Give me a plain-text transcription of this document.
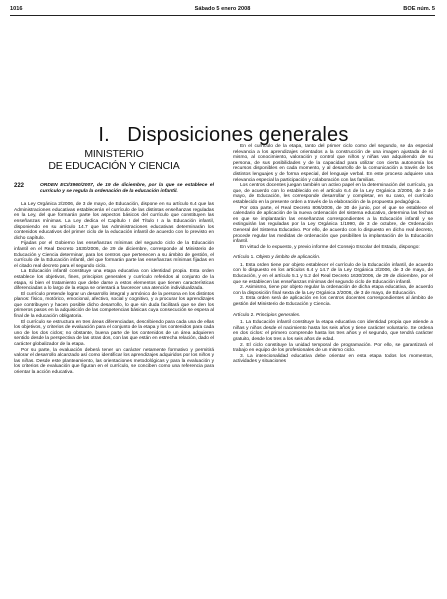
1016	Sábado 5 enero 2008	BOE núm. 5
I.   Disposiciones generales
MINISTERIO
DE EDUCACIÓN Y CIENCIA
222	ORDEN ECI/3960/2007, de 19 de diciembre, por la que se establece el currículo y se regula la ordenación de la educación infantil.

La Ley Orgánica 2/2006, de 3 de mayo, de Educación, dispone en su artículo 6.4 que las Administraciones educativas establecerán el currículo de las distintas enseñanzas reguladas en la Ley, del que formarán parte los aspectos básicos del currículo que constituyen las enseñanzas mínimas. La Ley dedica el Capítulo I del Título I a la Educación infantil, disponiendo en su artículo 14.7 que las Administraciones educativas determinarán los contenidos educativos del primer ciclo de la educación infantil de acuerdo con lo previsto en dicho capítulo.

Fijadas por el Gobierno las enseñanzas mínimas del segundo ciclo de la Educación infantil en el Real Decreto 1630/2006, de 29 de diciembre, corresponde al Ministerio de Educación y Ciencia determinar, para los centros que pertenecen a su ámbito de gestión, el currículo de la Educación infantil, del que formarán parte las enseñanzas mínimas fijadas en el citado real decreto para el segundo ciclo.

La Educación infantil constituye una etapa educativa con identidad propia. Esta orden establece los objetivos, fines, principios generales y currículo referidos al conjunto de la etapa, si bien el tratamiento que debe darse a estos elementos que tienen características diferenciadas a lo largo de la etapa se orientará a favorecer una atención individualizada.

El currículo pretende lograr un desarrollo integral y armónico de la persona en los distintos planos: físico, motórico, emocional, afectivo, social y cognitivo, y a procurar los aprendizajes que contribuyen y hacen posible dicho desarrollo, lo que sin duda facilitará que se den los primeros pasos en la adquisición de las competencias básicas cuya consecución se espera al final de la educación obligatoria.

El currículo se estructura en tres áreas diferenciadas, describiendo para cada una de ellas los objetivos, y criterios de evaluación para el conjunto de la etapa y los contenidos para cada uno de los dos ciclos; no obstante, buena parte de los contenidos de un área adquieren sentido desde la perspectiva de las otras dos, con las que están en estrecha relación, dado el carácter globalizador de la etapa.

Por su parte, la evaluación deberá tener un carácter netamente formativo y permitirá valorar el desarrollo alcanzado así como identificar los aprendizajes adquiridos por los niños y las niñas. Desde este planteamiento, las orientaciones metodológicas y para la evaluación y los criterios de evaluación que figuran en el currículo, se conciben como una referencia para orientar la acción educativa.

En el currículo de la etapa, tanto del primer ciclo como del segundo, se da especial relevancia a los aprendizajes orientados a la construcción de una imagen ajustada de sí mismo, al conocimiento, valoración y control que niños y niñas van adquiriendo de su persona, de sus posibilidades y de la capacidad para utilizar con cierta autonomía los recursos disponibles en cada momento, y al desarrollo de la comunicación a través de los distintos lenguajes y de forma especial, del lenguaje verbal. En este proceso adquiere una relevancia especial la participación y colaboración con las familias.

Los centros docentes juegan también un activo papel en la determinación del currículo, ya que, de acuerdo con lo establecido en el artículo 6.4 de la Ley Orgánica 2/2006, de 3 de mayo, de Educación, les corresponde desarrollar y completar, en su caso, el currículo establecido en la presente orden a través de la elaboración de la propuesta pedagógica.

Por otra parte, el Real Decreto 806/2006, de 30 de junio, por el que se establece el calendario de aplicación de la nueva ordenación del sistema educativo, determina las fechas en que se implantarán las enseñanzas correspondientes a la Educación infantil y se extinguirán las reguladas por la Ley Orgánica 1/1990, de 3 de octubre, de Ordenación General del Sistema Educativo. Por ello, de acuerdo con lo dispuesto en dicho real decreto, procede regular las medidas de ordenación que posibiliten la implantación de la Educación infantil.

En virtud de lo expuesto, y previo informe del Consejo Escolar del Estado, dispongo:

Artículo 1. Objeto y ámbito de aplicación.

1. Esta orden tiene por objeto establecer el currículo de la Educación infantil, de acuerdo con lo dispuesto en los artículos 6.4 y 14.7 de la Ley Orgánica 2/2006, de 3 de mayo, de Educación, y en el artículo 5.1 y 5.2 del Real Decreto 1630/2006, de 29 de diciembre, por el que se establecen las enseñanzas mínimas del segundo ciclo de Educación infantil.

2. Asimismo, tiene por objeto regular la ordenación de dicha etapa educativa, de acuerdo con la disposición final sexta de la Ley Orgánica 2/2006, de 3 de mayo, de Educación.

3. Esta orden será de aplicación en los centros docentes correspondientes al ámbito de gestión del Ministerio de Educación y Ciencia.

Artículo 2. Principios generales.

1. La Educación infantil constituye la etapa educativa con identidad propia que atiende a niñas y niños desde el nacimiento hasta los seis años y tiene carácter voluntario. Se ordena en dos ciclos: el primero comprende hasta los tres años y el segundo, que tendrá carácter gratuito, desde los tres a los seis años de edad.

2. El ciclo constituye la unidad temporal de programación. Por ello, se garantizará el trabajo en equipo de los profesionales de un mismo ciclo.

3. La intencionalidad educativa debe orientar en esta etapa todos los momentos, actividades y situaciones
